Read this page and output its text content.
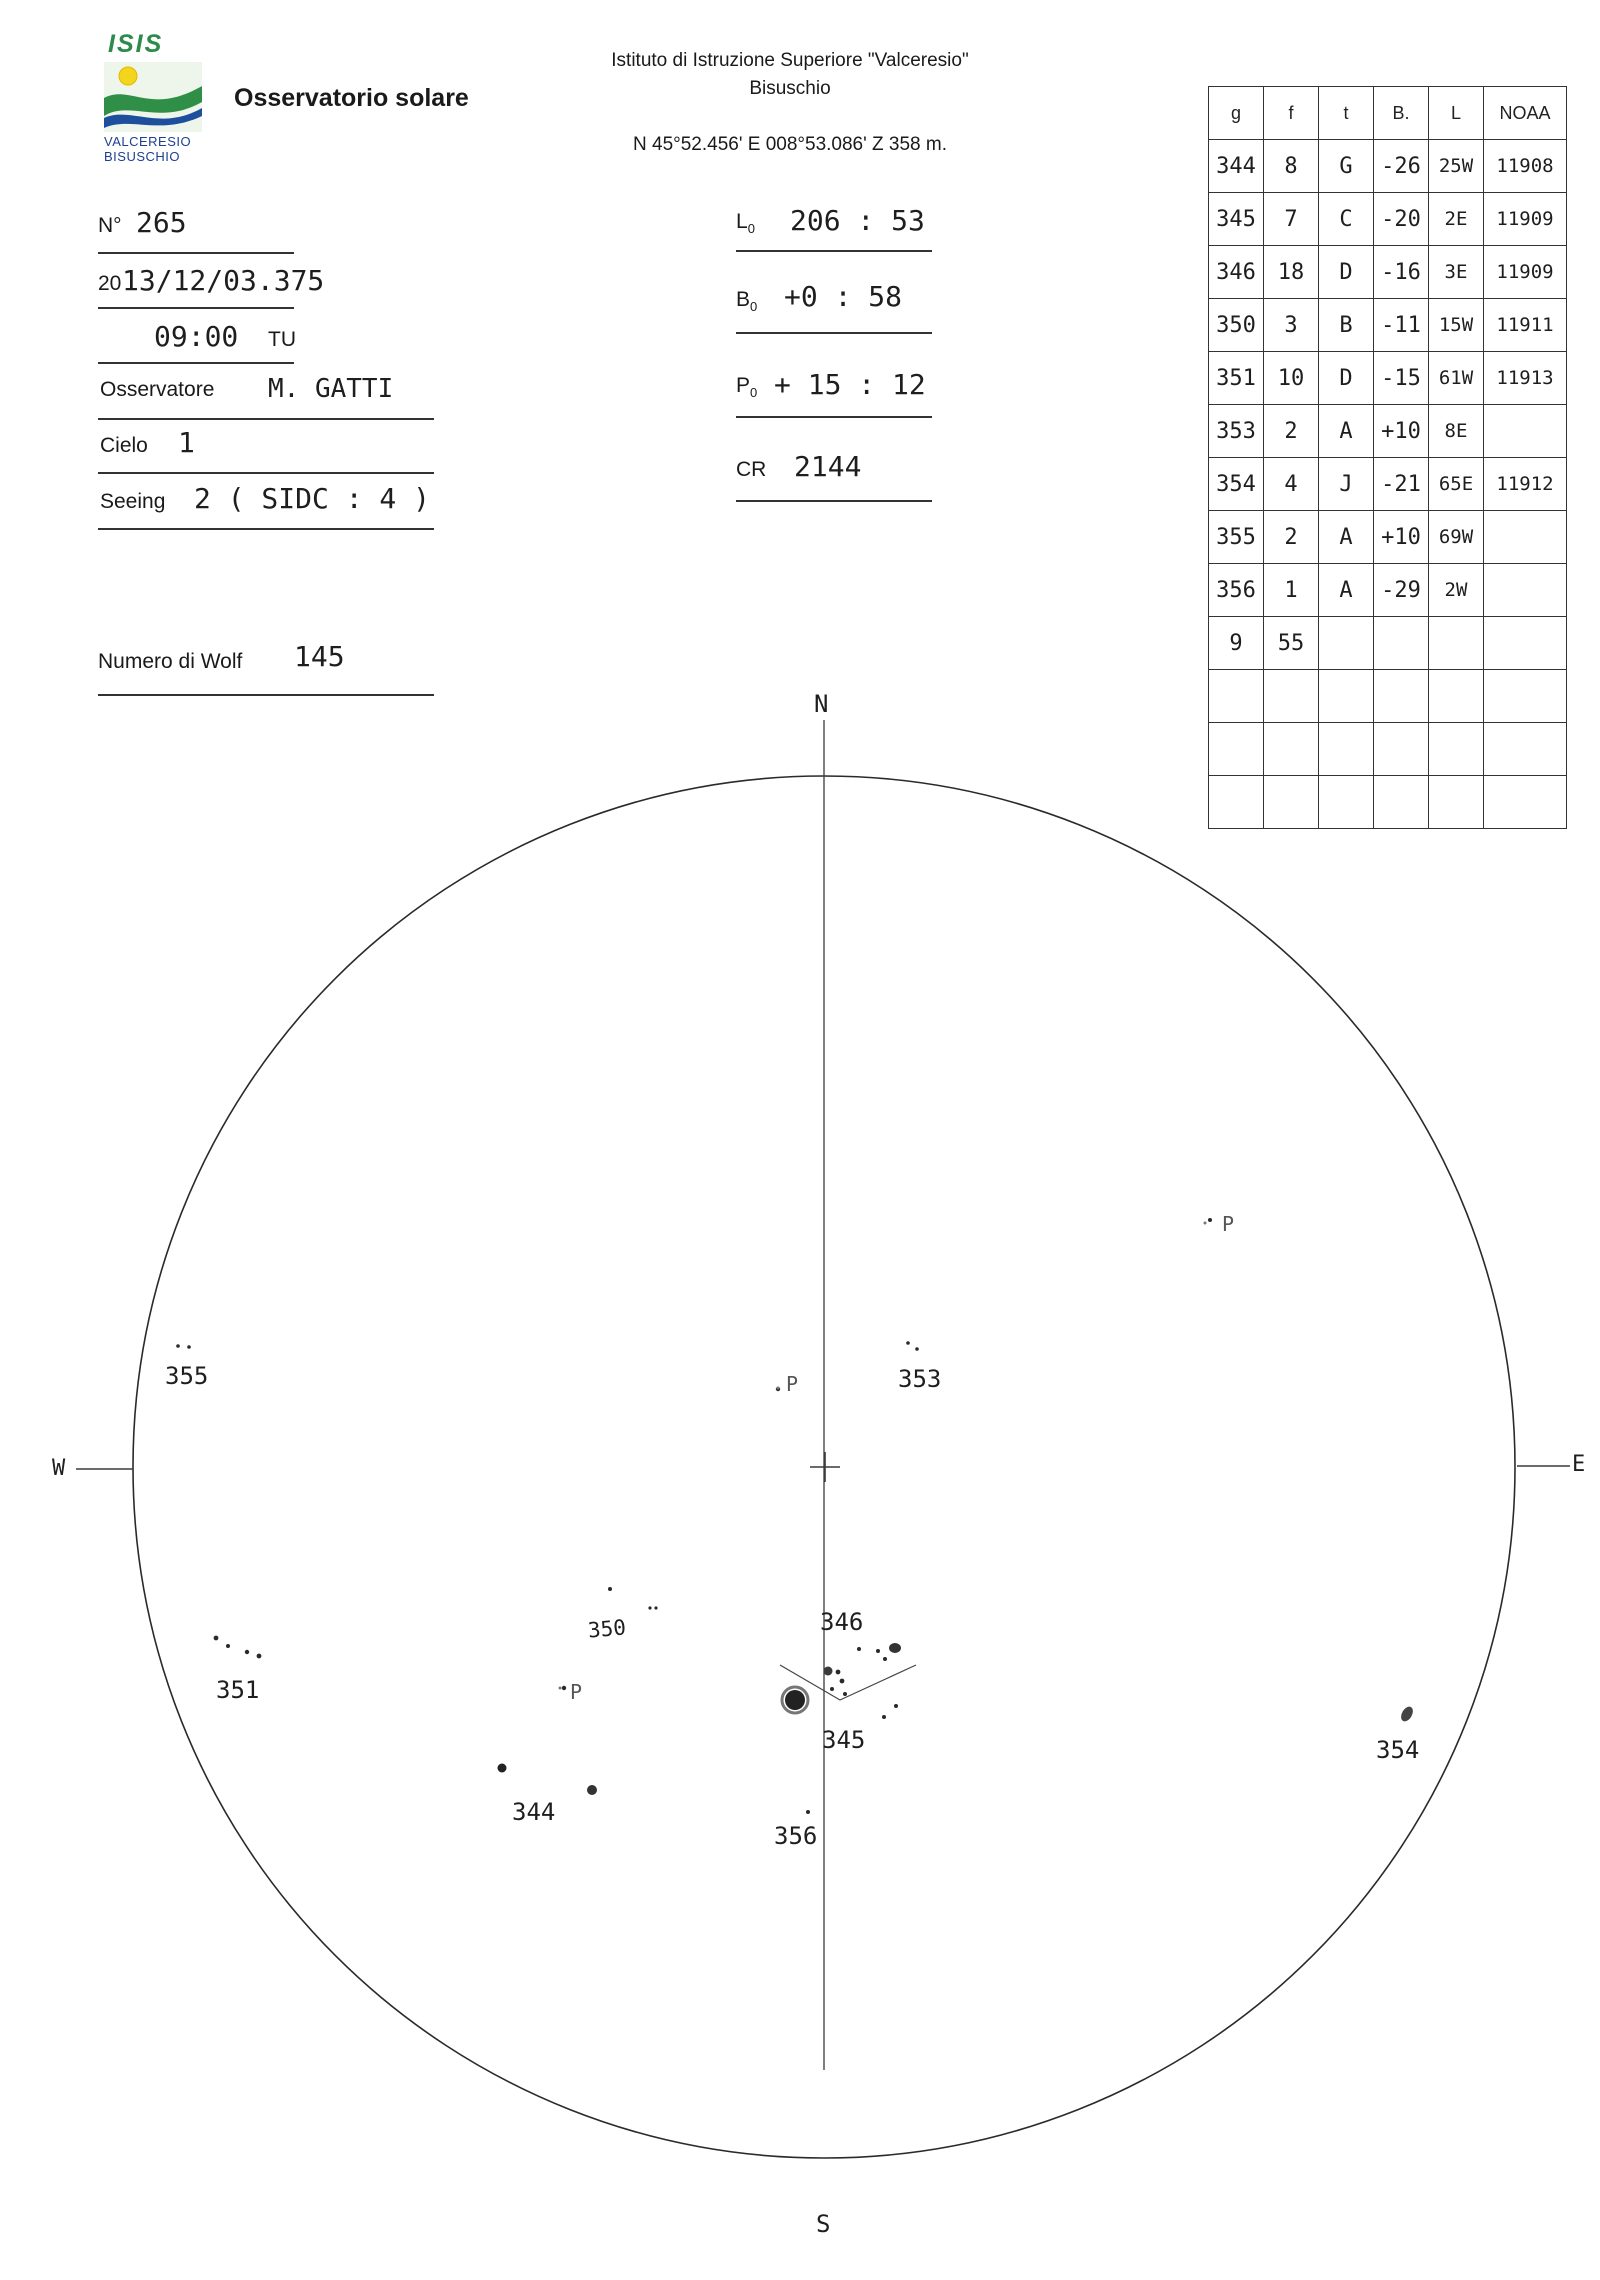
ISIS
VALCERESIO
BISUSCHIO
Osservatorio solare
Istituto di Istruzione Superiore "Valceresio"
Bisuschio
N 45°52.456' E 008°53.086' Z 358 m.
N° 265
20 13/12/03.375
09:00 TU
Osservatore M. GATTI
Cielo 1
Seeing 2 ( SIDC : 4 )
Numero di Wolf 145
$L_0$ 206 : 53
$B_0 +0$ : 58
$P_0 + 15$ : 12
CR 2144
g	f	t	B.	L	NOAA
344	8	G	-26	25W	11908
345	7	C	-20	2E	11909
346	18	D	-16	3E	11909
350	3	B	-11	15W	11911
351	10	D	-15	61W	11913
353	2	A	+10	8E	
354	4	J	-21	65E	11912
355	2	A	+10	69W	
356	1	A	-29	2W	
9	55				

N
S
W	E
355	353
350	346
351
345
344
356
354
P
P
P
